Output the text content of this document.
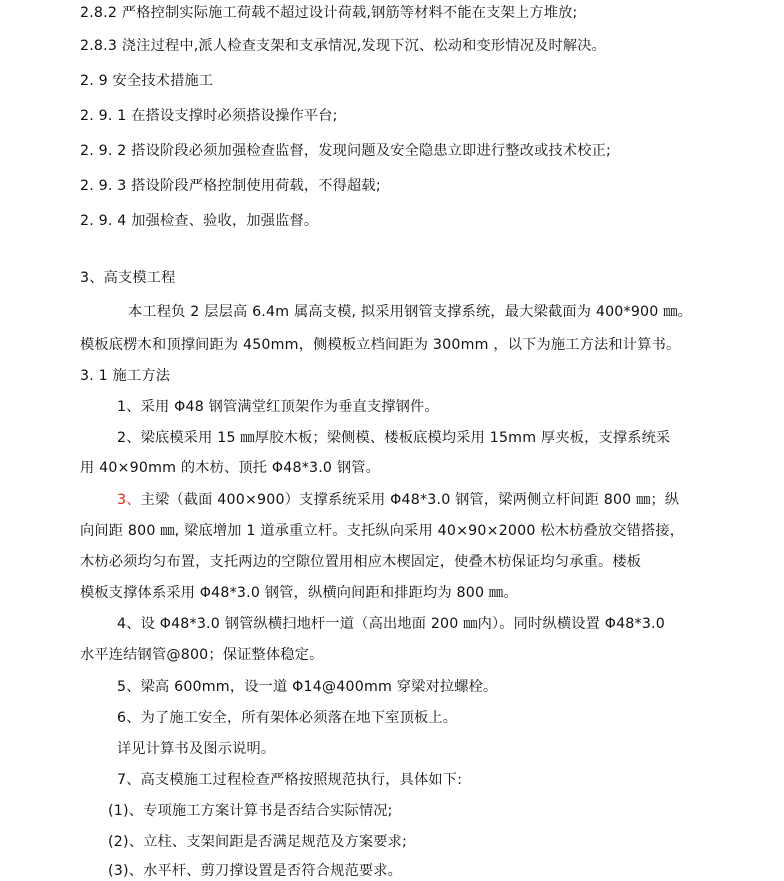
2.8.2 严格控制实际施工荷载不超过设计荷载,钢筋等材料不能在支架上方堆放;
2.8.3 浇注过程中,派人检查支架和支承情况,发现下沉、松动和变形情况及时解决。
2. 9 安全技术措施工
2. 9. 1 在搭设支撑时必须搭设操作平台;
2. 9. 2 搭设阶段必须加强检查监督，发现问题及安全隐患立即进行整改或技术校正;
2. 9. 3 搭设阶段严格控制使用荷载，不得超载;
2. 9. 4 加强检查、验收，加强监督。
3、高支模工程
本工程负 2 层层高 6.4m 属高支模, 拟采用钢管支撑系统，最大梁截面为 400*900 ㎜。
模板底楞木和顶撑间距为 450mm，侧模板立档间距为 300mm ，以下为施工方法和计算书。
3. 1 施工方法
1、采用 Φ48 钢管满堂红顶架作为垂直支撑钢件。
2、梁底模采用 15 ㎜厚胶木板；梁侧模、楼板底模均采用 15mm 厚夹板，支撑系统采
用 40×90mm 的木枋、顶托 Φ48*3.0 钢管。
3、主梁（截面 400×900）支撑系统采用 Φ48*3.0 钢管，梁两侧立杆间距 800 ㎜；纵
向间距 800 ㎜, 梁底增加 1 道承重立杆。支托纵向采用 40×90×2000 松木枋叠放交错搭接，
木枋必须均匀布置，支托两边的空隙位置用相应木楔固定，使叠木枋保证均匀承重。楼板
模板支撑体系采用 Φ48*3.0 钢管，纵横向间距和排距均为 800 ㎜。
4、设 Φ48*3.0 钢管纵横扫地杆一道（高出地面 200 ㎜内）。同时纵横设置 Φ48*3.0
水平连结钢管@800；保证整体稳定。
5、梁高 600mm，设一道 Φ14@400mm 穿梁对拉螺栓。
6、为了施工安全，所有架体必须落在地下室顶板上。
详见计算书及图示说明。
7、高支模施工过程检查严格按照规范执行，具体如下:
(1)、专项施工方案计算书是否结合实际情况;
(2)、立柱、支架间距是否满足规范及方案要求;
(3)、水平杆、剪刀撑设置是否符合规范要求。
